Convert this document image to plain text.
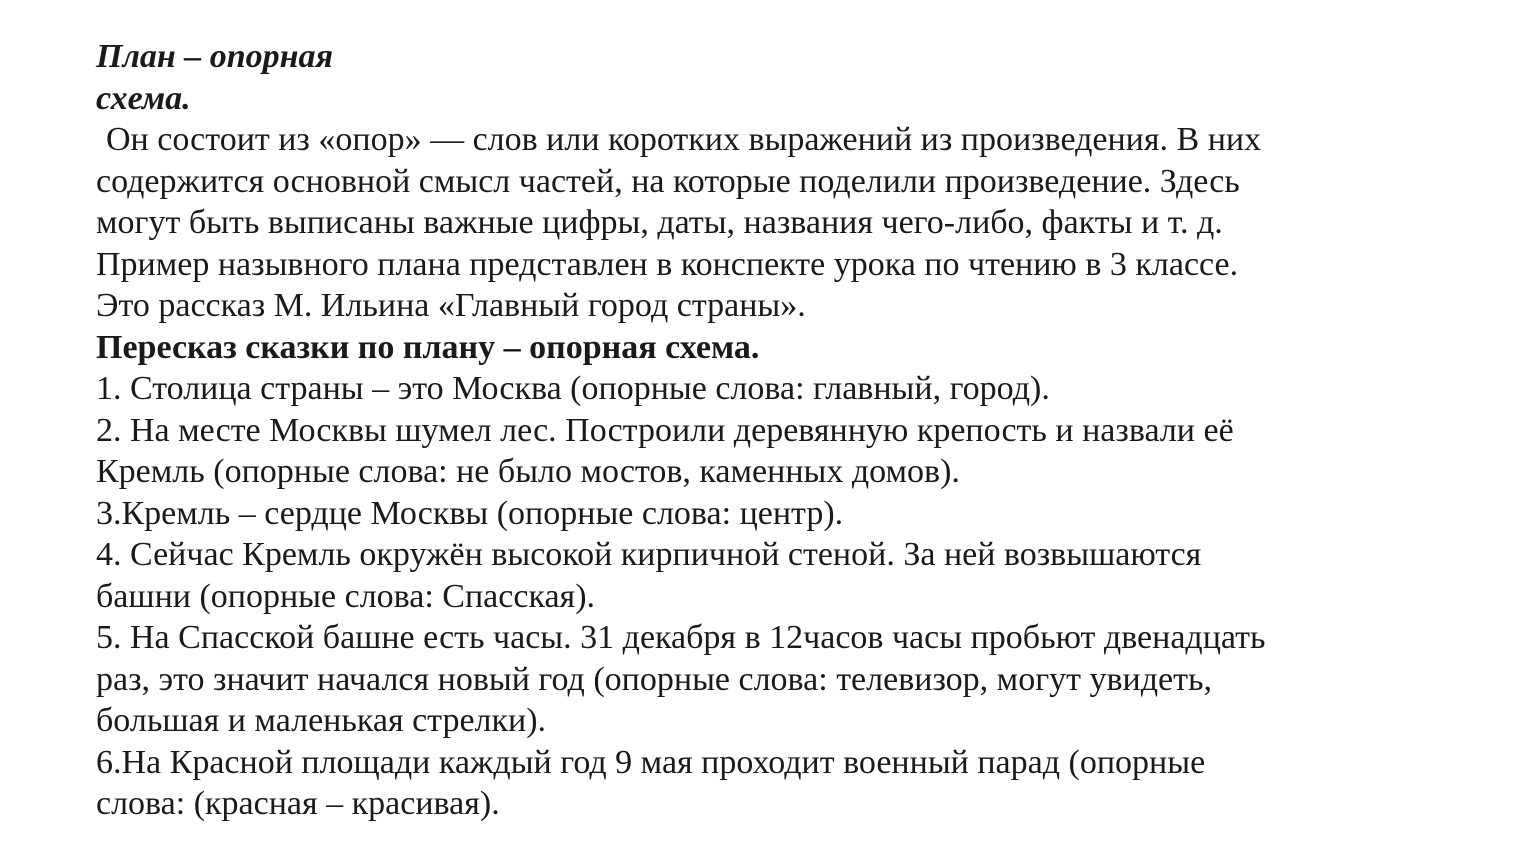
План – опорная
схема.
Он состоит из «опор» — слов или коротких выражений из произведения. В них
содержится основной смысл частей, на которые поделили произведение. Здесь
могут быть выписаны важные цифры, даты, названия чего-либо, факты и т. д.
Пример назывного плана представлен в конспекте урока по чтению в 3 классе.
Это рассказ М. Ильина «Главный город страны».
Пересказ сказки по плану – опорная схема.
1. Столица страны – это Москва (опорные слова: главный, город).
2. На месте Москвы шумел лес. Построили деревянную крепость и назвали её
Кремль (опорные слова: не было мостов, каменных домов).
3.Кремль – сердце Москвы (опорные слова: центр).
4. Сейчас Кремль окружён высокой кирпичной стеной. За ней возвышаются
башни (опорные слова: Спасская).
5. На Спасской башне есть часы. 31 декабря в 12часов часы пробьют двенадцать
раз, это значит начался новый год (опорные слова: телевизор, могут увидеть,
большая и маленькая стрелки).
6.На Красной площади каждый год 9 мая проходит военный парад (опорные
слова: (красная – красивая).
